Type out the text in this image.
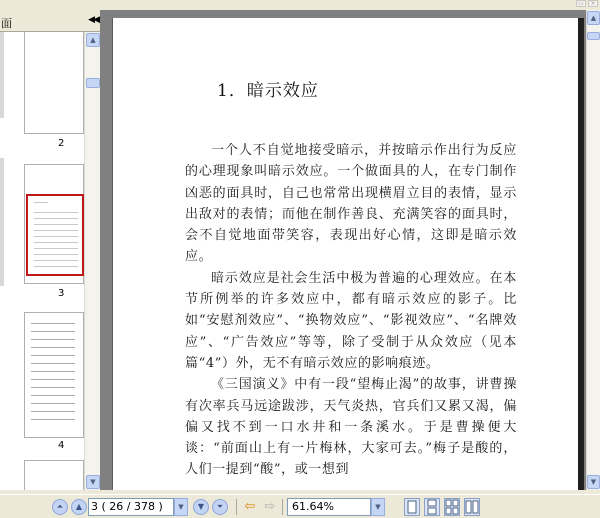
▭	×
面	◀◀
2
3
4
▲
▼
1．暗示效应

一个人不自觉地接受暗示，并按暗示作出行为反应的心理现象叫暗示效应。一个做面具的人，在专门制作凶恶的面具时，自己也常常出现横眉立目的表情，显示出敌对的表情；而他在制作善良、充满笑容的面具时，会不自觉地面带笑容，表现出好心情，这即是暗示效应。

暗示效应是社会生活中极为普遍的心理效应。在本节所例举的许多效应中，都有暗示效应的影子。比如“安慰剂效应”、“换物效应”、“影视效应”、“名牌效应”、“广告效应”等等，除了受制于从众效应（见本篇“4”）外，无不有暗示效应的影响痕迹。

《三国演义》中有一段“望梅止渴”的故事，讲曹操有次率兵马远途跋涉，天气炎热，官兵们又累又渴，偏偏又找不到一口水井和一条溪水。于是曹操便大谈：“前面山上有一片梅林，大家可去。”梅子是酸的，人们一提到“酸”，或一想到

▲
▼
⏶	▲ 3 ( 26 / 378 )	▼	▼	⏷	⇦ ⇨	61.64%	▼
